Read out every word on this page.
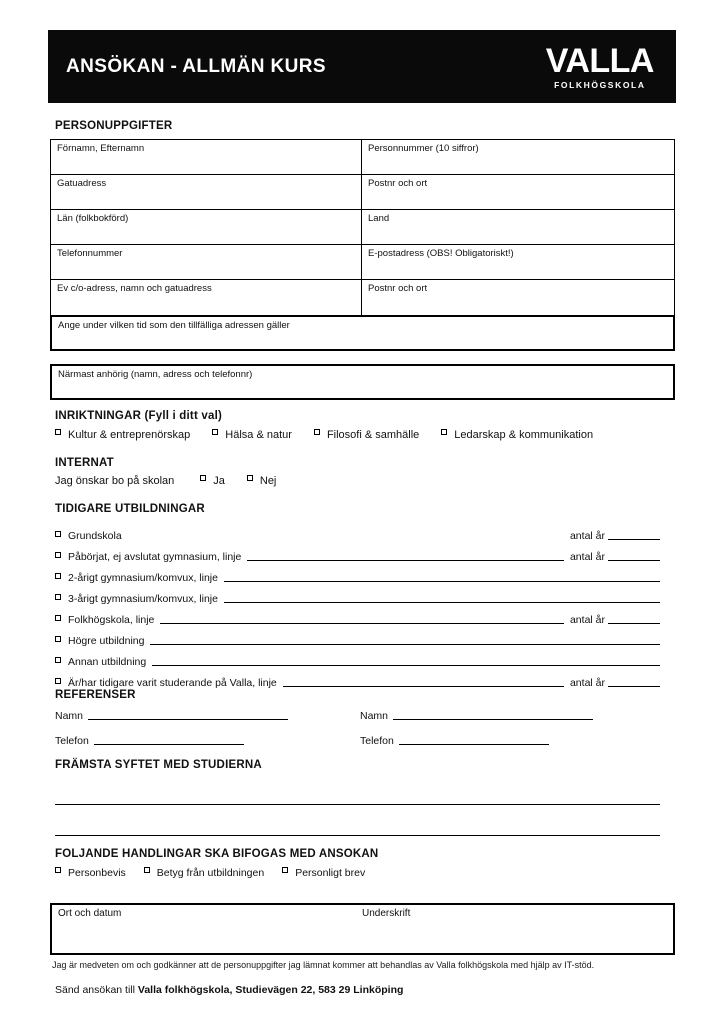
ANSÖKAN - ALLMÄN KURS	VALLA
FOLKHÖGSKOLA
PERSONUPPGIFTER
Förnamn, Efternamn	Personnummer (10 siffror)
Gatuadress	Postnr och ort
Län (folkbokförd)	Land
Telefonnummer	E-postadress (OBS! Obligatoriskt!)
Ev c/o-adress, namn och gatuadress	Postnr och ort
Ange under vilken tid som den tillfälliga adressen gäller
Närmast anhörig (namn, adress och telefonnr)
INRIKTNINGAR (Fyll i ditt val)
Kultur & entreprenörskap	Hälsa & natur	Filosofi & samhälle	Ledarskap & kommunikation
INTERNAT
Jag önskar bo på skolan	Ja	Nej
TIDIGARE UTBILDNINGAR
Grundskola	antal år
Påbörjat, ej avslutat gymnasium, linje	antal år
2-årigt gymnasium/komvux, linje
3-årigt gymnasium/komvux, linje
Folkhögskola, linje	antal år
Högre utbildning
Annan utbildning
Är/har tidigare varit studerande på Valla, linje	antal år
REFERENSER
Namn	Namn
Telefon	Telefon
FRÄMSTA SYFTET MED STUDIERNA
FOLJANDE HANDLINGAR SKA BIFOGAS MED ANSOKAN
Personbevis	Betyg från utbildningen	Personligt brev
Ort och datum	Underskrift
Jag är medveten om och godkänner att de personuppgifter jag lämnat kommer att behandlas av Valla folkhögskola med hjälp av IT-stöd.
Sänd ansökan till Valla folkhögskola, Studievägen 22, 583 29 Linköping
